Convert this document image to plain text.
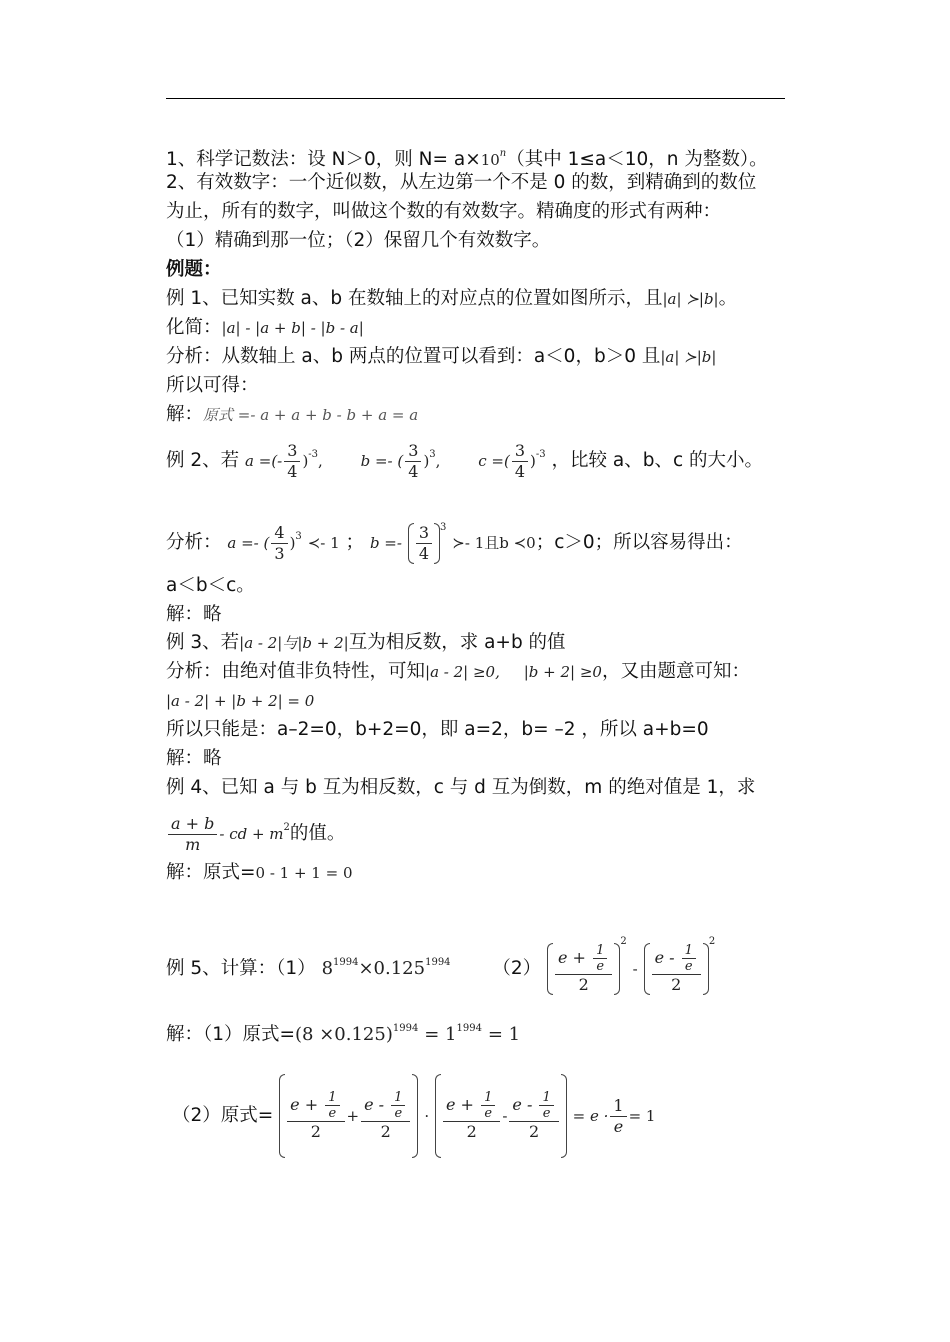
1、科学记数法：设 N＞0，则 $N= a\times 10^n$（其中 1≤a＜10，n 为整数）。
2、有效数字：一个近似数，从左边第一个不是 0 的数，到精确到的数位
为止，所有的数字，叫做这个数的有效数字。精确度的形式有两种：
（1）精确到那一位；（2）保留几个有效数字。
例题：
例 1、已知实数 a、b 在数轴上的对应点的位置如图所示，且|a| ≻|b|。
化简：|a| - |a + b| - |b - a|
分析：从数轴上 a、b 两点的位置可以看到：a＜0，b＞0 且|a| ≻|b|
所以可得：
解：原式 =- a + a + b - b + a = a
例 2、若 a =(- $\frac{3}{4} )^{-3}$,	b =- ( $\frac{3}{4} )^3$,	c =( $\frac{3}{4} )^{-3}$ ，比较 a、b、c 的大小。
分析： a =- ( $\frac{4}{3} )^3$ ≺- 1 ； $b =- \frac{3}{4} ^3$ ≻- 1且b ≺0；c＞0；所以容易得出：
a＜b＜c。
解：略
例 3、若|a - 2|与|b + 2|互为相反数，求 a+b 的值
分析：由绝对值非负特性，可知|a - 2| ≥0,     |b + 2| ≥0，又由题意可知：
|a - 2| + |b + 2| = 0
所以只能是：a–2=0，b+2=0，即 a=2，b= –2 ，所以 a+b=0
解：略
例 4、已知 a 与 b 互为相反数，c 与 d 互为倒数，m 的绝对值是 1，求
$\frac{a + b}{m}$ - cd + $m^2$的值。
解：原式=0 - 1 + 1 = 0
例 5、计算：（1） $8^{1994}\times 0.125^{1994}$ $(2) \frac{e + \frac{1}{e}}{2}$
$^2 - \frac{e - \frac{1}{e}}{2}$
$^2$
解：（1）原式$=(8 \times 0.125)^{1994} = 1^{1994} = 1$
（2）原式= $\frac{e + \frac{1}{e}}{2} + \frac{e - \frac{1}{e}}{2} \cdot \frac{e + \frac{1}{e}}{2} - \frac{e - \frac{1}{e}}{2} = e \cdot \frac{1}{e} = 1$
